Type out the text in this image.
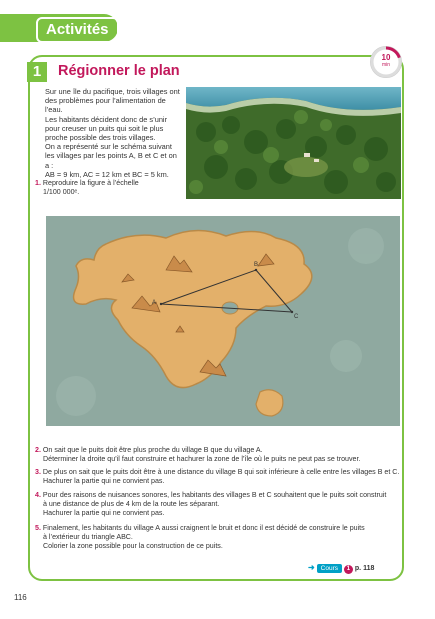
Activités
10
min
1	Régionner le plan

Sur une île du pacifique, trois villages ont des problèmes pour l’alimentation de l’eau.

Les habitants décident donc de s’unir pour creuser un puits qui soit le plus proche possible des trois villages.

On a représenté sur le schéma suivant les villages par les points A, B et C et on a :

AB = 9 km, AC = 12 km et BC = 5 km.

1. Reproduire la figure à l’échelle

1/100 000ᵉ.

A
B
C

2. On sait que le puits doit être plus proche du village B que du village A.

Déterminer la droite qu’il faut construire et hachurer la zone de l’île où le puits ne peut pas se trouver.

3. De plus on sait que le puits doit être à une distance du village B qui soit inférieure à celle entre les villages B et C.

Hachurer la partie qui ne convient pas.

4. Pour des raisons de nuisances sonores, les habitants des villages B et C souhaitent que le puits soit construit

à une distance de plus de 4 km de la route les séparant.

Hachurer la partie qui ne convient pas.

5. Finalement, les habitants du village A aussi craignent le bruit et donc il est décidé de construire le puits

à l’extérieur du triangle ABC.

Colorier la zone possible pour la construction de ce puits.

➜ Cours 1 p. 118
116
